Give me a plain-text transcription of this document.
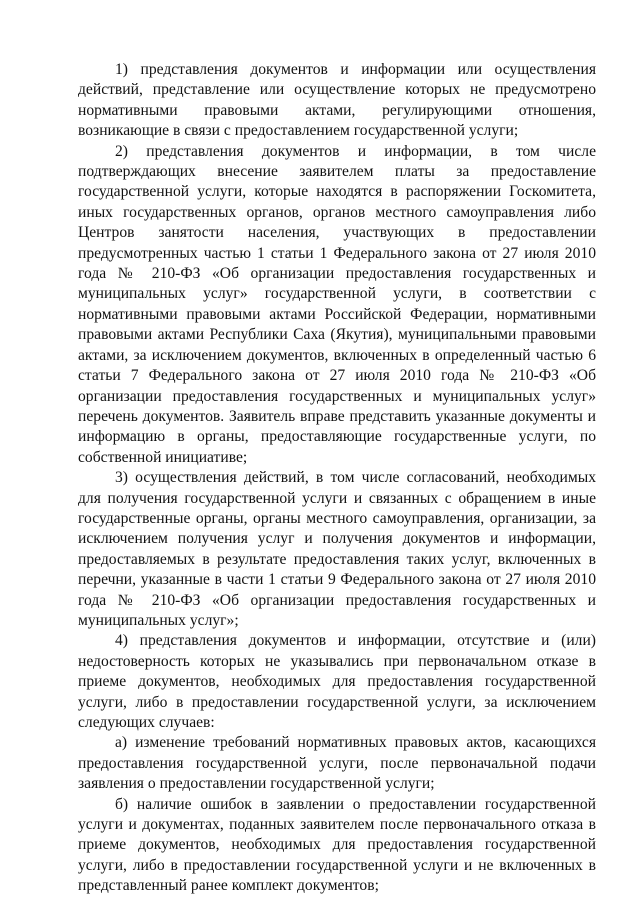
1) представления документов и информации или осуществления действий, представление или осуществление которых не предусмотрено нормативными правовыми актами, регулирующими отношения, возникающие в связи с предоставлением государственной услуги;

2) представления документов и информации, в том числе подтверждающих внесение заявителем платы за предоставление государственной услуги, которые находятся в распоряжении Госкомитета, иных государственных органов, органов местного самоуправления либо Центров занятости населения, участвующих в предоставлении предусмотренных частью 1 статьи 1 Федерального закона от 27 июля 2010 года № 210-ФЗ «Об организации предоставления государственных и муниципальных услуг» государственной услуги, в соответствии с нормативными правовыми актами Российской Федерации, нормативными правовыми актами Республики Саха (Якутия), муниципальными правовыми актами, за исключением документов, включенных в определенный частью 6 статьи 7 Федерального закона от 27 июля 2010 года № 210-ФЗ «Об организации предоставления государственных и муниципальных услуг» перечень документов. Заявитель вправе представить указанные документы и информацию в органы, предоставляющие государственные услуги, по собственной инициативе;

3) осуществления действий, в том числе согласований, необходимых для получения государственной услуги и связанных с обращением в иные государственные органы, органы местного самоуправления, организации, за исключением получения услуг и получения документов и информации, предоставляемых в результате предоставления таких услуг, включенных в перечни, указанные в части 1 статьи 9 Федерального закона от 27 июля 2010 года № 210-ФЗ «Об организации предоставления государственных и муниципальных услуг»;

4) представления документов и информации, отсутствие и (или) недостоверность которых не указывались при первоначальном отказе в приеме документов, необходимых для предоставления государственной услуги, либо в предоставлении государственной услуги, за исключением следующих случаев:

а) изменение требований нормативных правовых актов, касающихся предоставления государственной услуги, после первоначальной подачи заявления о предоставлении государственной услуги;

б) наличие ошибок в заявлении о предоставлении государственной услуги и документах, поданных заявителем после первоначального отказа в приеме документов, необходимых для предоставления государственной услуги, либо в предоставлении государственной услуги и не включенных в представленный ранее комплект документов;
